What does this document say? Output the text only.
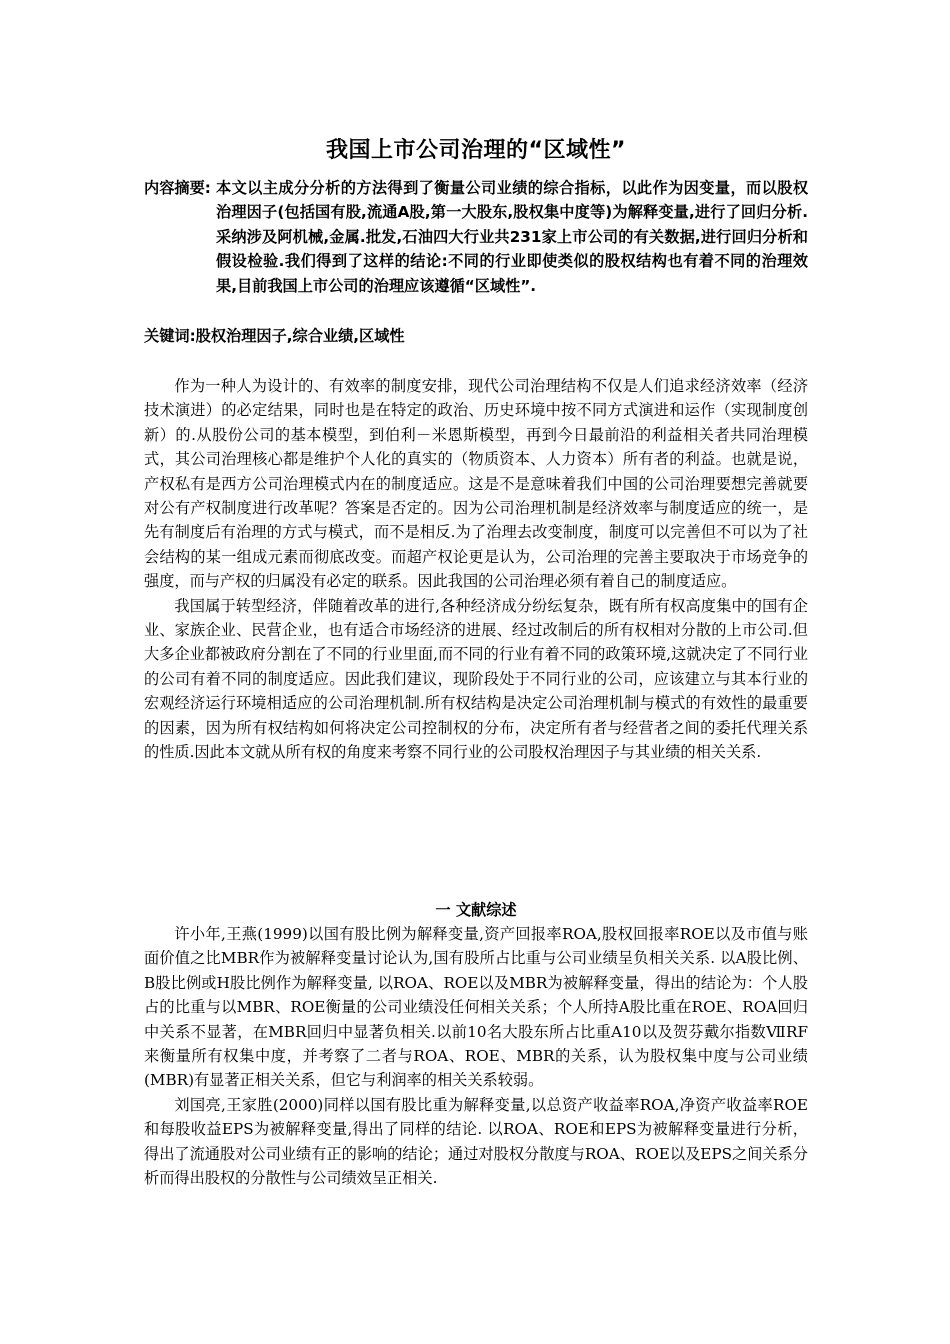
我国上市公司治理的“区域性”
内容摘要: 本文以主成分分析的方法得到了衡量公司业绩的综合指标，以此作为因变量，而以股权治理因子(包括国有股,流通A股,第一大股东,股权集中度等)为解释变量,进行了回归分析.采纳涉及阿机械,金属.批发,石油四大行业共231家上市公司的有关数据,进行回归分析和假设检验.我们得到了这样的结论:不同的行业即使类似的股权结构也有着不同的治理效果,目前我国上市公司的治理应该遵循“区域性”.
关键词:股权治理因子,综合业绩,区域性

作为一种人为设计的、有效率的制度安排，现代公司治理结构不仅是人们追求经济效率（经济技术演进）的必定结果，同时也是在特定的政治、历史环境中按不同方式演进和运作（实现制度创新）的.从股份公司的基本模型，到伯利－米恩斯模型，再到今日最前沿的利益相关者共同治理模式，其公司治理核心都是维护个人化的真实的（物质资本、人力资本）所有者的利益。也就是说，产权私有是西方公司治理模式内在的制度适应。这是不是意味着我们中国的公司治理要想完善就要对公有产权制度进行改革呢？答案是否定的。因为公司治理机制是经济效率与制度适应的统一，是先有制度后有治理的方式与模式，而不是相反.为了治理去改变制度，制度可以完善但不可以为了社会结构的某一组成元素而彻底改变。而超产权论更是认为，公司治理的完善主要取决于市场竞争的强度，而与产权的归属没有必定的联系。因此我国的公司治理必须有着自己的制度适应。

我国属于转型经济，伴随着改革的进行,各种经济成分纷纭复杂，既有所有权高度集中的国有企业、家族企业、民营企业，也有适合市场经济的进展、经过改制后的所有权相对分散的上市公司.但大多企业都被政府分割在了不同的行业里面,而不同的行业有着不同的政策环境,这就决定了不同行业的公司有着不同的制度适应。因此我们建议，现阶段处于不同行业的公司，应该建立与其本行业的宏观经济运行环境相适应的公司治理机制.所有权结构是决定公司治理机制与模式的有效性的最重要的因素，因为所有权结构如何将决定公司控制权的分布，决定所有者与经营者之间的委托代理关系的性质.因此本文就从所有权的角度来考察不同行业的公司股权治理因子与其业绩的相关关系.

一 文献综述

许小年,王燕(1999)以国有股比例为解释变量,资产回报率ROA,股权回报率ROE以及市值与账面价值之比MBR作为被解释变量讨论认为,国有股所占比重与公司业绩呈负相关关系. 以A股比例、B股比例或H股比例作为解释变量, 以ROA、ROE以及MBR为被解释变量，得出的结论为：个人股占的比重与以MBR、ROE衡量的公司业绩没任何相关关系；个人所持A股比重在ROE、ROA回归中关系不显著，在MBR回归中显著负相关.以前10名大股东所占比重A10以及贺芬戴尔指数ⅦRF来衡量所有权集中度，并考察了二者与ROA、ROE、MBR的关系，认为股权集中度与公司业绩(MBR)有显著正相关关系，但它与利润率的相关关系较弱。

刘国亮,王家胜(2000)同样以国有股比重为解释变量,以总资产收益率ROA,净资产收益率ROE和每股收益EPS为被解释变量,得出了同样的结论. 以ROA、ROE和EPS为被解释变量进行分析，得出了流通股对公司业绩有正的影响的结论；通过对股权分散度与ROA、ROE以及EPS之间关系分析而得出股权的分散性与公司绩效呈正相关.
